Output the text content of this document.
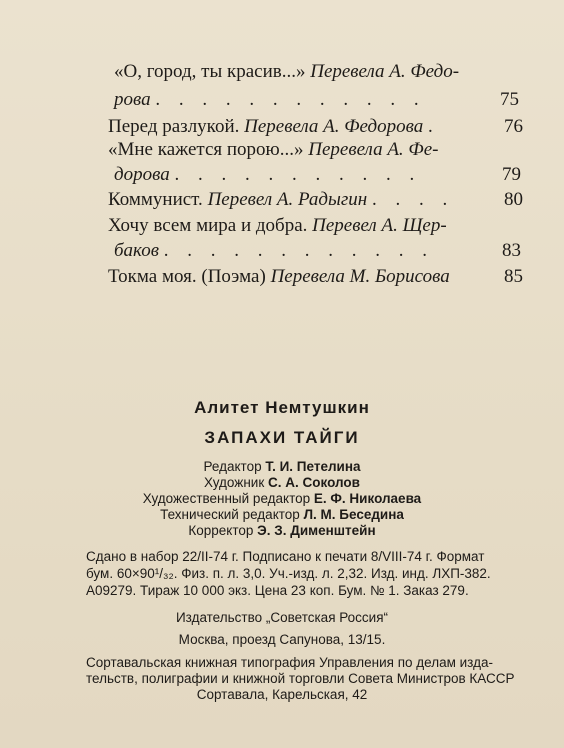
«О, город, ты красив...» Перевела А. Федо-
рова . . . . . . . . . . . .	75
Перед разлукой. Перевела А. Федорова .	76
«Мне кажется порою...» Перевела А. Фе-
дорова . . . . . . . . . . .	79
Коммунист. Перевел А. Радыгин . . . .	80
Хочу всем мира и добра. Перевел А. Щер-
баков . . . . . . . . . . . .	83
Токма моя. (Поэма) Перевела М. Борисова	85
Алитет Немтушкин
ЗАПАХИ ТАЙГИ
Редактор Т. И. Петелина
Художник С. А. Соколов
Художественный редактор Е. Ф. Николаева
Технический редактор Л. М. Беседина
Корректор Э. З. Дименштейн
Сдано в набор 22/II-74 г. Подписано к печати 8/VIII-74 г. Формат
бум. 60×90¹/₃₂. Физ. п. л. 3,0. Уч.-изд. л. 2,32. Изд. инд. ЛХП-382.
А09279. Тираж 10 000 экз. Цена 23 коп. Бум. № 1. Заказ 279.
Издательство „Советская Россия“
Москва, проезд Сапунова, 13/15.
Сортавальская книжная типография Управления по делам изда-
тельств, полиграфии и книжной торговли Совета Министров КАССР
Сортавала, Карельская, 42
